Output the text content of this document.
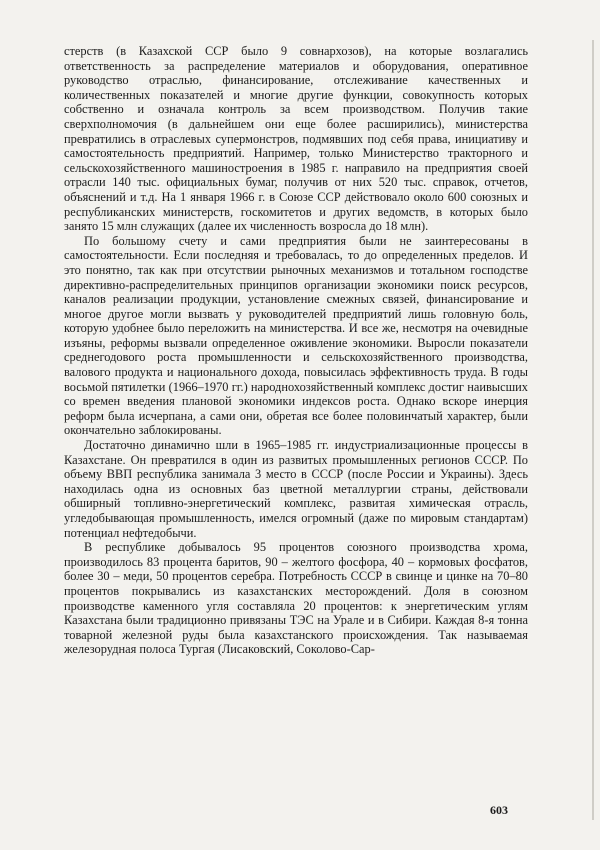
стерств (в Казахской ССР было 9 совнархозов), на которые возлагались ответственность за распределение материалов и оборудования, оперативное руководство отраслью, финансирование, отслеживание качественных и количественных показателей и многие другие функции, совокупность которых собственно и означала контроль за всем производством. Получив такие сверхполномочия (в дальнейшем они еще более расширились), министерства превратились в отраслевых супермонстров, подмявших под себя права, инициативу и самостоятельность предприятий. Например, только Министерство тракторного и сельскохозяйственного машиностроения в 1985 г. направило на предприятия своей отрасли 140 тыс. официальных бумаг, получив от них 520 тыс. справок, отчетов, объяснений и т.д. На 1 января 1966 г. в Союзе ССР действовало около 600 союзных и республиканских министерств, госкомитетов и других ведомств, в которых было занято 15 млн служащих (далее их численность возросла до 18 млн).

По большому счету и сами предприятия были не заинтересованы в самостоятельности. Если последняя и требовалась, то до определенных пределов. И это понятно, так как при отсутствии рыночных механизмов и тотальном господстве директивно-распределительных принципов организации экономики поиск ресурсов, каналов реализации продукции, установление смежных связей, финансирование и многое другое могли вызвать у руководителей предприятий лишь головную боль, которую удобнее было переложить на министерства. И все же, несмотря на очевидные изъяны, реформы вызвали определенное оживление экономики. Выросли показатели среднегодового роста промышленности и сельскохозяйственного производства, валового продукта и национального дохода, повысилась эффективность труда. В годы восьмой пятилетки (1966–1970 гг.) народнохозяйственный комплекс достиг наивысших со времен введения плановой экономики индексов роста. Однако вскоре инерция реформ была исчерпана, а сами они, обретая все более половинчатый характер, были окончательно заблокированы.

Достаточно динамично шли в 1965–1985 гг. индустриализационные процессы в Казахстане. Он превратился в один из развитых промышленных регионов СССР. По объему ВВП республика занимала 3 место в СССР (после России и Украины). Здесь находилась одна из основных баз цветной металлургии страны, действовали обширный топливно-энергетический комплекс, развитая химическая отрасль, угледобывающая промышленность, имелся огромный (даже по мировым стандартам) потенциал нефтедобычи.

В республике добывалось 95 процентов союзного производства хрома, производилось 83 процента баритов, 90 – желтого фосфора, 40 – кормовых фосфатов, более 30 – меди, 50 процентов серебра. Потребность СССР в свинце и цинке на 70–80 процентов покрывались из казахстанских месторождений. Доля в союзном производстве каменного угля составляла 20 процентов: к энергетическим углям Казахстана были традиционно привязаны ТЭС на Урале и в Сибири. Каждая 8-я тонна товарной железной руды была казахстанского происхождения. Так называемая железорудная полоса Тургая (Лисаковский, Соколово-Сар-

603
